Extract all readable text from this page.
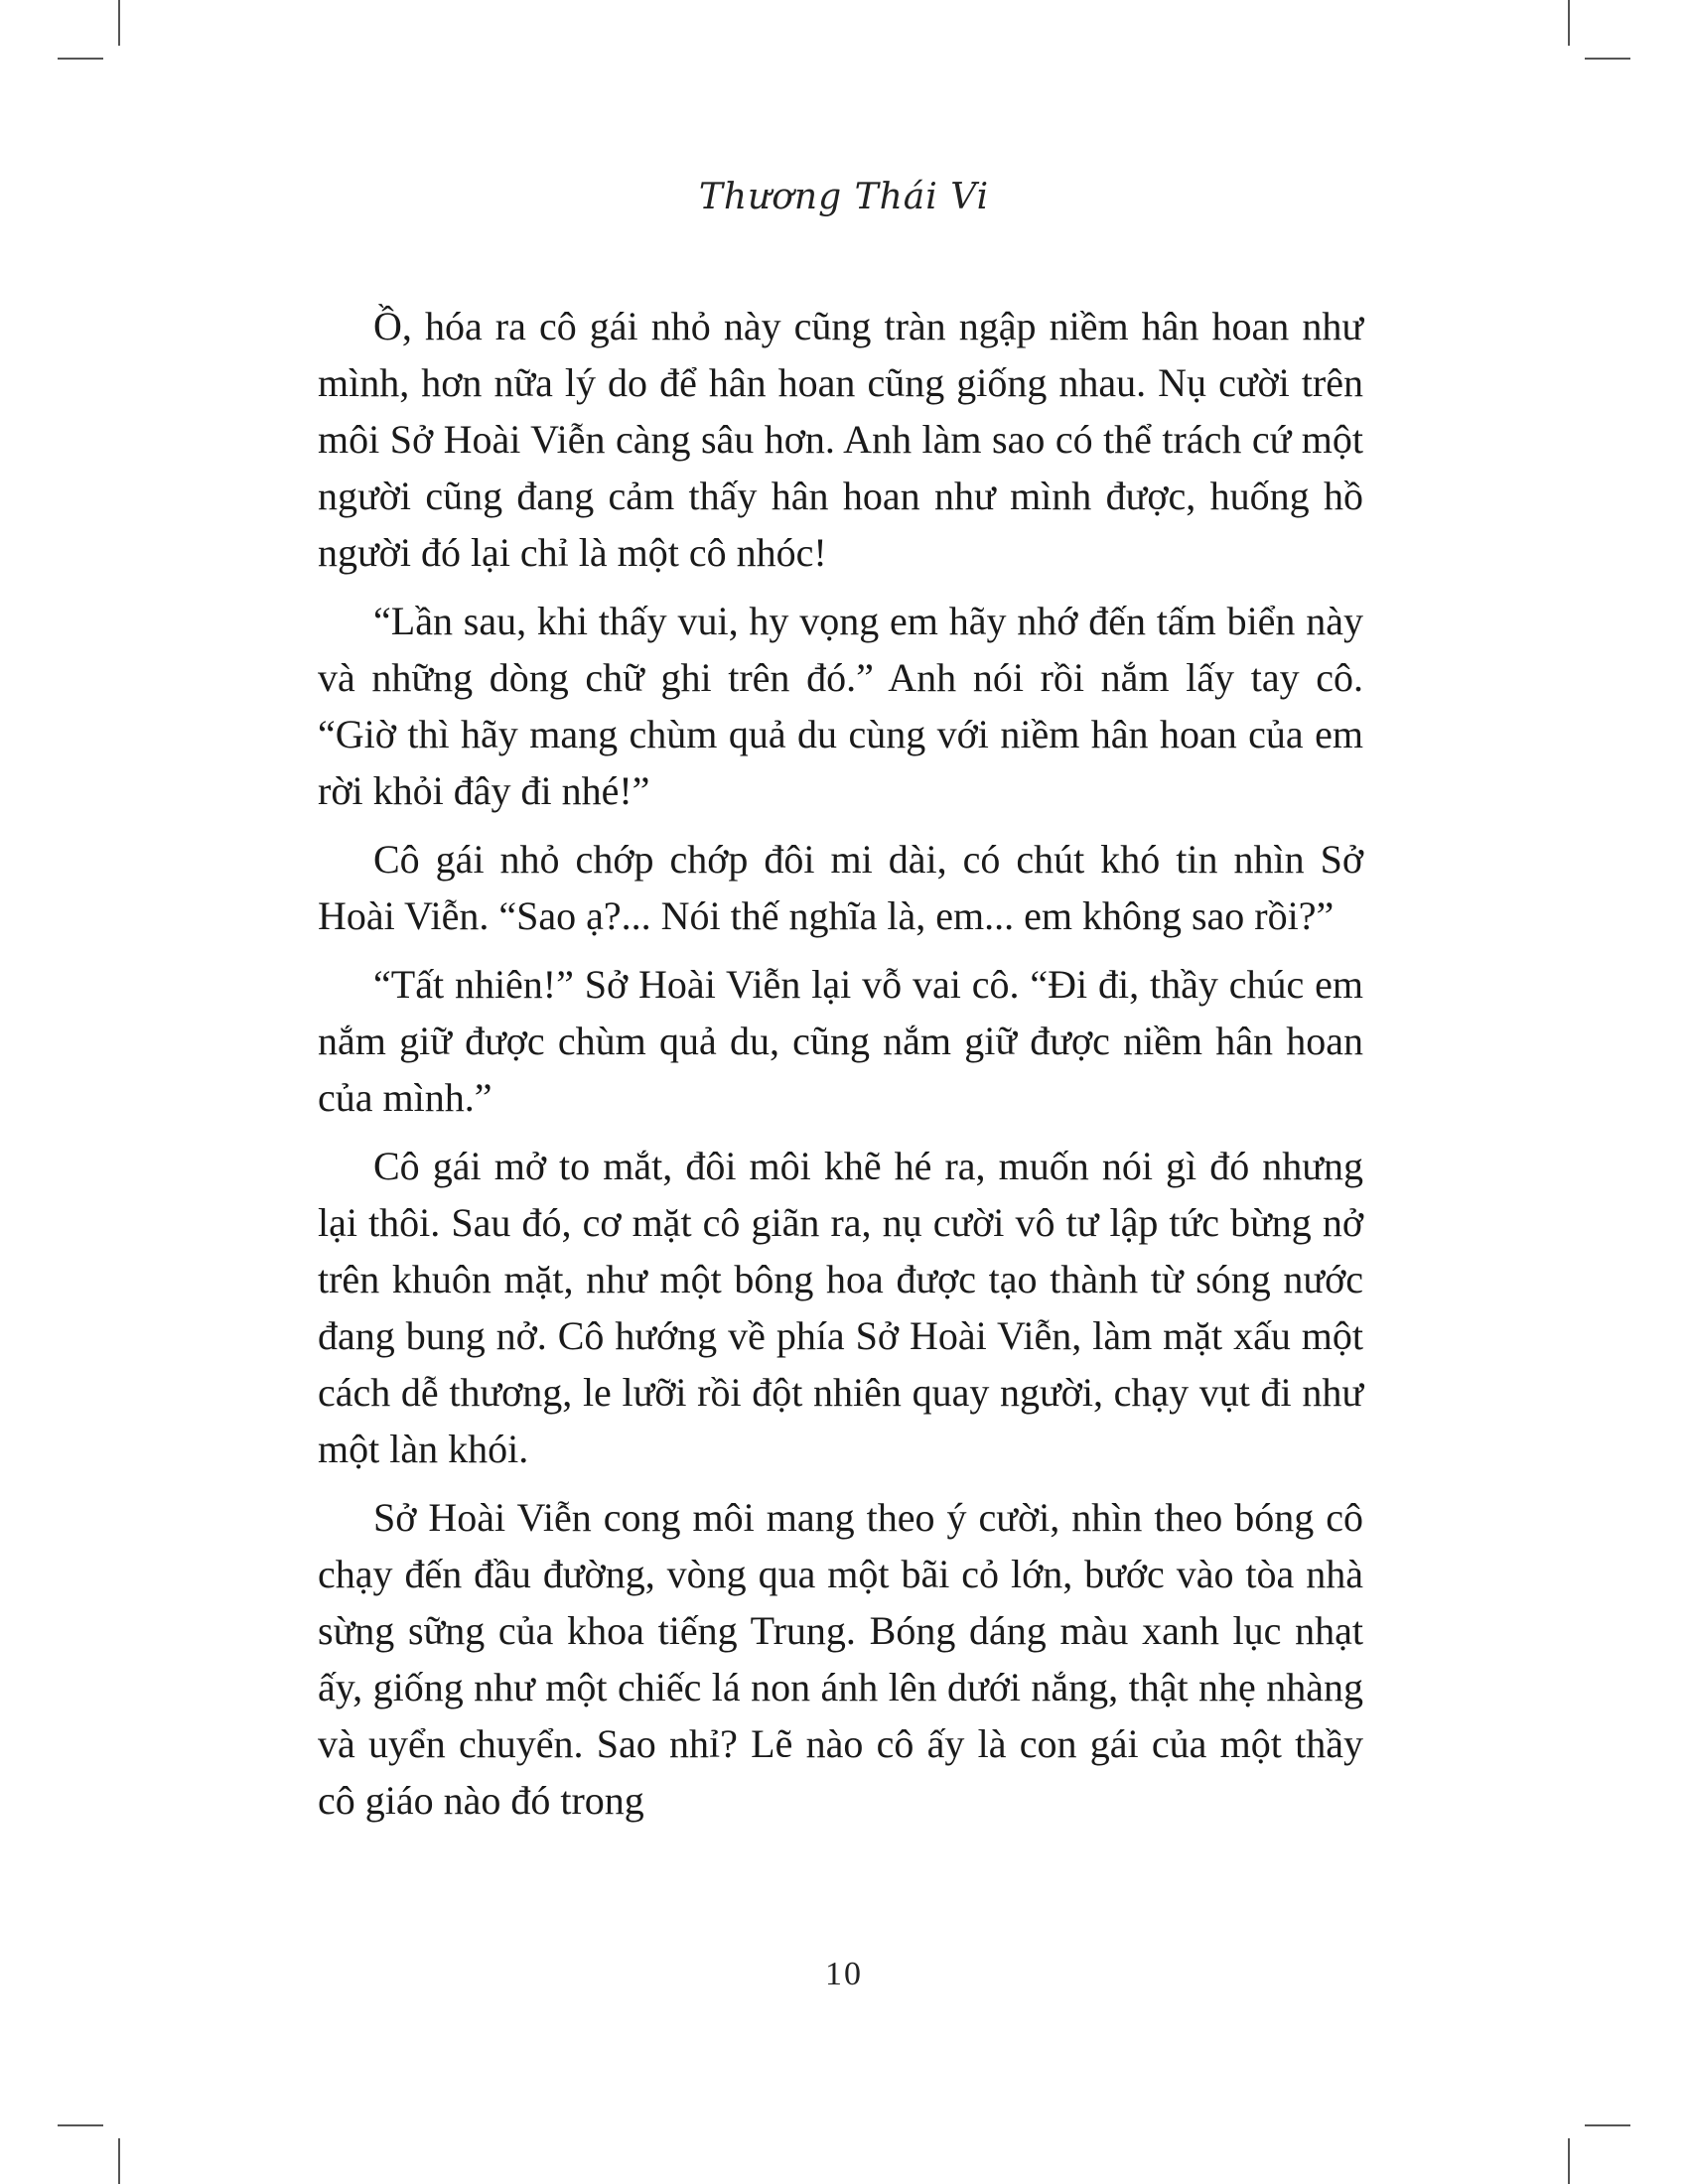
Thương Thái Vi

Ồ, hóa ra cô gái nhỏ này cũng tràn ngập niềm hân hoan như mình, hơn nữa lý do để hân hoan cũng giống nhau. Nụ cười trên môi Sở Hoài Viễn càng sâu hơn. Anh làm sao có thể trách cứ một người cũng đang cảm thấy hân hoan như mình được, huống hồ người đó lại chỉ là một cô nhóc!

“Lần sau, khi thấy vui, hy vọng em hãy nhớ đến tấm biển này và những dòng chữ ghi trên đó.” Anh nói rồi nắm lấy tay cô. “Giờ thì hãy mang chùm quả du cùng với niềm hân hoan của em rời khỏi đây đi nhé!”

Cô gái nhỏ chớp chớp đôi mi dài, có chút khó tin nhìn Sở Hoài Viễn. “Sao ạ?... Nói thế nghĩa là, em... em không sao rồi?”

“Tất nhiên!” Sở Hoài Viễn lại vỗ vai cô. “Đi đi, thầy chúc em nắm giữ được chùm quả du, cũng nắm giữ được niềm hân hoan của mình.”

Cô gái mở to mắt, đôi môi khẽ hé ra, muốn nói gì đó nhưng lại thôi. Sau đó, cơ mặt cô giãn ra, nụ cười vô tư lập tức bừng nở trên khuôn mặt, như một bông hoa được tạo thành từ sóng nước đang bung nở. Cô hướng về phía Sở Hoài Viễn, làm mặt xấu một cách dễ thương, le lưỡi rồi đột nhiên quay người, chạy vụt đi như một làn khói.

Sở Hoài Viễn cong môi mang theo ý cười, nhìn theo bóng cô chạy đến đầu đường, vòng qua một bãi cỏ lớn, bước vào tòa nhà sừng sững của khoa tiếng Trung. Bóng dáng màu xanh lục nhạt ấy, giống như một chiếc lá non ánh lên dưới nắng, thật nhẹ nhàng và uyển chuyển. Sao nhỉ? Lẽ nào cô ấy là con gái của một thầy cô giáo nào đó trong

10
